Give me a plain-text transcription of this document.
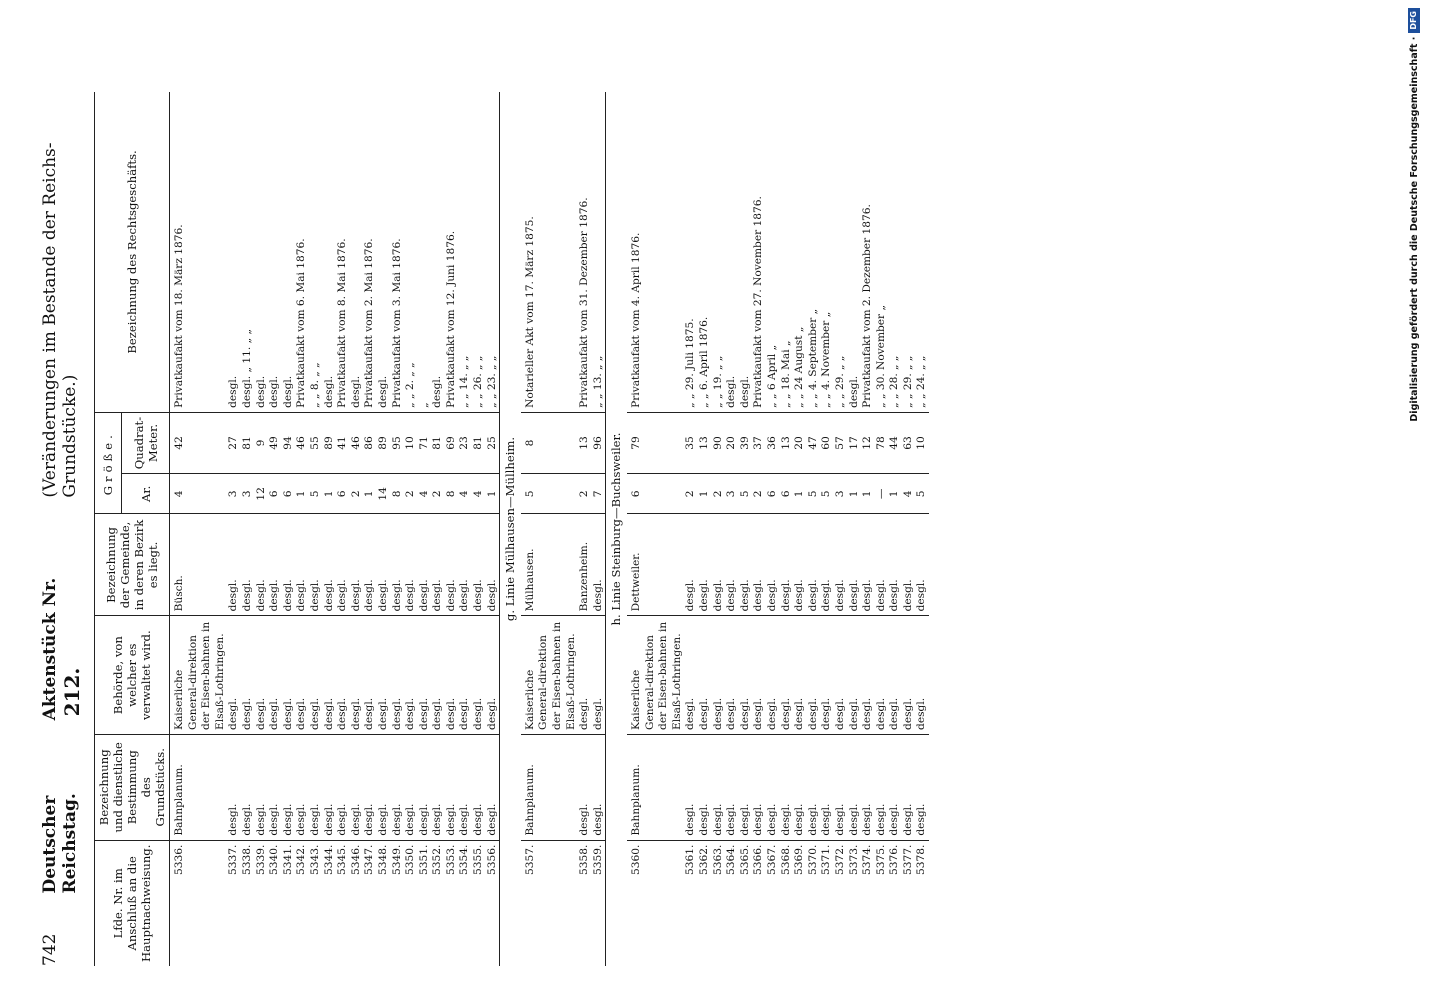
742
Deutscher Reichstag.
Aktenstück Nr. 212.
(Veränderungen im Bestande der Reichs-Grundstücke.)
Lfde. Nr. im Anschluß an die Hauptnachweisung.	Bezeichnung und dienstliche Bestimmung des Grundstücks.	Behörde, von welcher es verwaltet wird.	Bezeichnung der Gemeinde, in deren Bezirk es liegt.	Größe.		Bezeichnung des Rechtsgeschäfts.
				Ar.	Quadrat-Meter.	
5336.	Bahnplanum.	Kaiserliche General-direktion der Eisen-bahnen in Elsaß-Lothringen.	Büsch.	4	42	Privatkaufakt vom 18. März 1876.
5337.	desgl.	desgl.	desgl.	3	27	desgl.
5338.	desgl.	desgl.	desgl.	3	81	desgl. „ 11. „ „
5339.	desgl.	desgl.	desgl.	12	9	desgl.
5340.	desgl.	desgl.	desgl.	6	49	desgl.
5341.	desgl.	desgl.	desgl.	6	94	desgl.
5342.	desgl.	desgl.	desgl.	1	46	Privatkaufakt vom 6. Mai 1876.
5343.	desgl.	desgl.	desgl.	5	55	„ „ 8. „ „
5344.	desgl.	desgl.	desgl.	1	89	desgl.
5345.	desgl.	desgl.	desgl.	6	41	Privatkaufakt vom 8. Mai 1876.
5346.	desgl.	desgl.	desgl.	2	46	desgl.
5347.	desgl.	desgl.	desgl.	1	86	Privatkaufakt vom 2. Mai 1876.
5348.	desgl.	desgl.	desgl.	14	89	desgl.
5349.	desgl.	desgl.	desgl.	8	95	Privatkaufakt vom 3. Mai 1876.
5350.	desgl.	desgl.	desgl.	2	10	„ „ 2. „ „
5351.	desgl.	desgl.	desgl.	4	71	„
5352.	desgl.	desgl.	desgl.	2	81	desgl.
5353.	desgl.	desgl.	desgl.	8	69	Privatkaufakt vom 12. Juni 1876.
5354.	desgl.	desgl.	desgl.	4	23	„ „ 14. „ „
5355.	desgl.	desgl.	desgl.	4	81	„ „ 26. „ „
5356.	desgl.	desgl.	desgl.	1	25	„ „ 23. „ „
g. Linie Mülhausen—Müllheim.						
5357.	Bahnplanum.	Kaiserliche General-direktion der Eisen-bahnen in Elsaß-Lothringen.	Mülhausen.	5	8	Notarieller Akt vom 17. März 1875.
5358.	desgl.	desgl.	Banzenheim.	2	13	Privatkaufakt vom 31. Dezember 1876.
5359.	desgl.	desgl.	desgl.	7	96	„ „ 13. „ „
h. Linie Steinburg—Buchsweiler.						
5360.	Bahnplanum.	Kaiserliche General-direktion der Eisen-bahnen in Elsaß-Lothringen.	Dettweiler.	6	79	Privatkaufakt vom 4. April 1876.
5361.	desgl.	desgl.	desgl.	2	35	„ „ 29. Juli 1875.
5362.	desgl.	desgl.	desgl.	1	13	„ „ 6. April 1876.
5363.	desgl.	desgl.	desgl.	2	90	„ „ 19. „ „
5364.	desgl.	desgl.	desgl.	3	20	desgl.
5365.	desgl.	desgl.	desgl.	5	39	desgl.
5366.	desgl.	desgl.	desgl.	2	37	Privatkaufakt vom 27. November 1876.
5367.	desgl.	desgl.	desgl.	6	36	„ „ 6 April „
5368.	desgl.	desgl.	desgl.	6	13	„ „ 18. Mai „
5369.	desgl.	desgl.	desgl.	1	20	„ „ 24 August „
5370.	desgl.	desgl.	desgl.	5	47	„ „ 4. September „
5371.	desgl.	desgl.	desgl.	5	60	„ „ 4. November „
5372.	desgl.	desgl.	desgl.	3	57	„ „ 29. „ „
5373.	desgl.	desgl.	desgl.	1	17	desgl.
5374.	desgl.	desgl.	desgl.	1	12	Privatkaufakt vom 2. Dezember 1876.
5375.	desgl.	desgl.	desgl.	—	78	„ „ 30. November „
5376.	desgl.	desgl.	desgl.	1	44	„ „ 28. „ „
5377.	desgl.	desgl.	desgl.	4	63	„ „ 29. „ „
5378.	desgl.	desgl.	desgl.	5	10	„ „ 24. „ „	Digitalisierung gefördert durch die Deutsche Forschungsgemeinschaft ·
DFG
